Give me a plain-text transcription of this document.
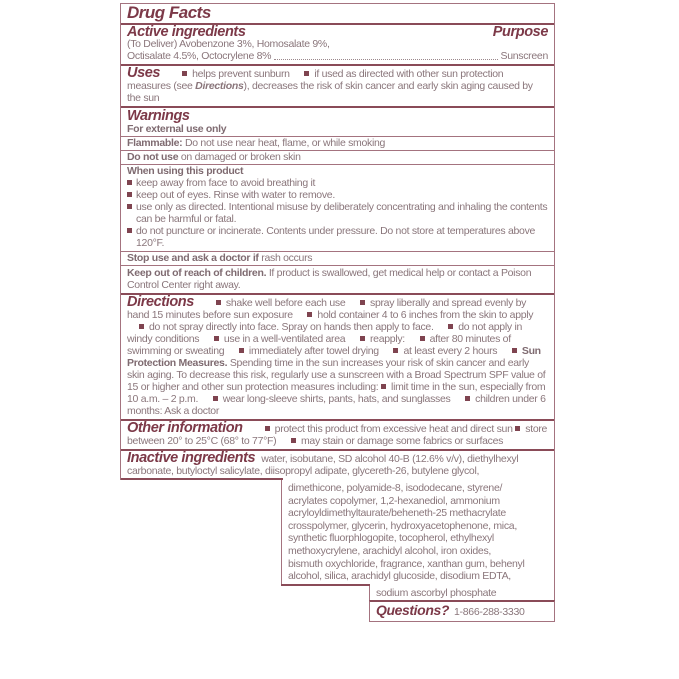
Drug Facts
Active ingredients	Purpose
(To Deliver) Avobenzone 3%, Homosalate 9%,
Octisalate 4.5%, Octocrylene 8%	Sunscreen

Uses	helps prevent sunburn if used as directed with other sun protection measures (see Directions), decreases the risk of skin cancer and early skin aging caused by the sun

Warnings
For external use only
Flammable: Do not use near heat, flame, or while smoking
Do not use on damaged or broken skin
When using this product

keep away from face to avoid breathing it

keep out of eyes. Rinse with water to remove.

use only as directed. Intentional misuse by deliberately concentrating and inhaling the contents can be harmful or fatal.

do not puncture or incinerate. Contents under pressure. Do not store at temperatures above 120°F.

Stop use and ask a doctor if rash occurs
Keep out of reach of children. If product is swallowed, get medical help or contact a Poison Control Center right away.

Directions	shake well before each use spray liberally and spread evenly by hand 15 minutes before sun exposure hold container 4 to 6 inches from the skin to apply do not spray directly into face. Spray on hands then apply to face. do not apply in windy conditions use in a well-ventilated area reapply: after 80 minutes of swimming or sweating immediately after towel drying at least every 2 hours Sun Protection Measures. Spending time in the sun increases your risk of skin cancer and early skin aging. To decrease this risk, regularly use a sunscreen with a Broad Spectrum SPF value of 15 or higher and other sun protection measures including: limit time in the sun, especially from 10 a.m. – 2 p.m. wear long-sleeve shirts, pants, hats, and sunglasses children under 6 months: Ask a doctor

Other information	protect this product from excessive heat and direct sun store between 20° to 25°C (68° to 77°F) may stain or damage some fabrics or surfaces

Inactive ingredients water, isobutane, SD alcohol 40-B (12.6% v/v), diethylhexyl

carbonate, butyloctyl salicylate, diisopropyl adipate, glycereth-26, butylene glycol,
dimethicone, polyamide-8, isododecane, styrene/
acrylates copolymer, 1,2-hexanediol, ammonium
acryloyldimethyltaurate/beheneth-25 methacrylate
crosspolymer, glycerin, hydroxyacetophenone, mica,
synthetic fluorphlogopite, tocopherol, ethylhexyl
methoxycrylene, arachidyl alcohol, iron oxides,
bismuth oxychloride, fragrance, xanthan gum, behenyl
alcohol, silica, arachidyl glucoside, disodium EDTA,
sodium ascorbyl phosphate
Questions? 1-866-288-3330
